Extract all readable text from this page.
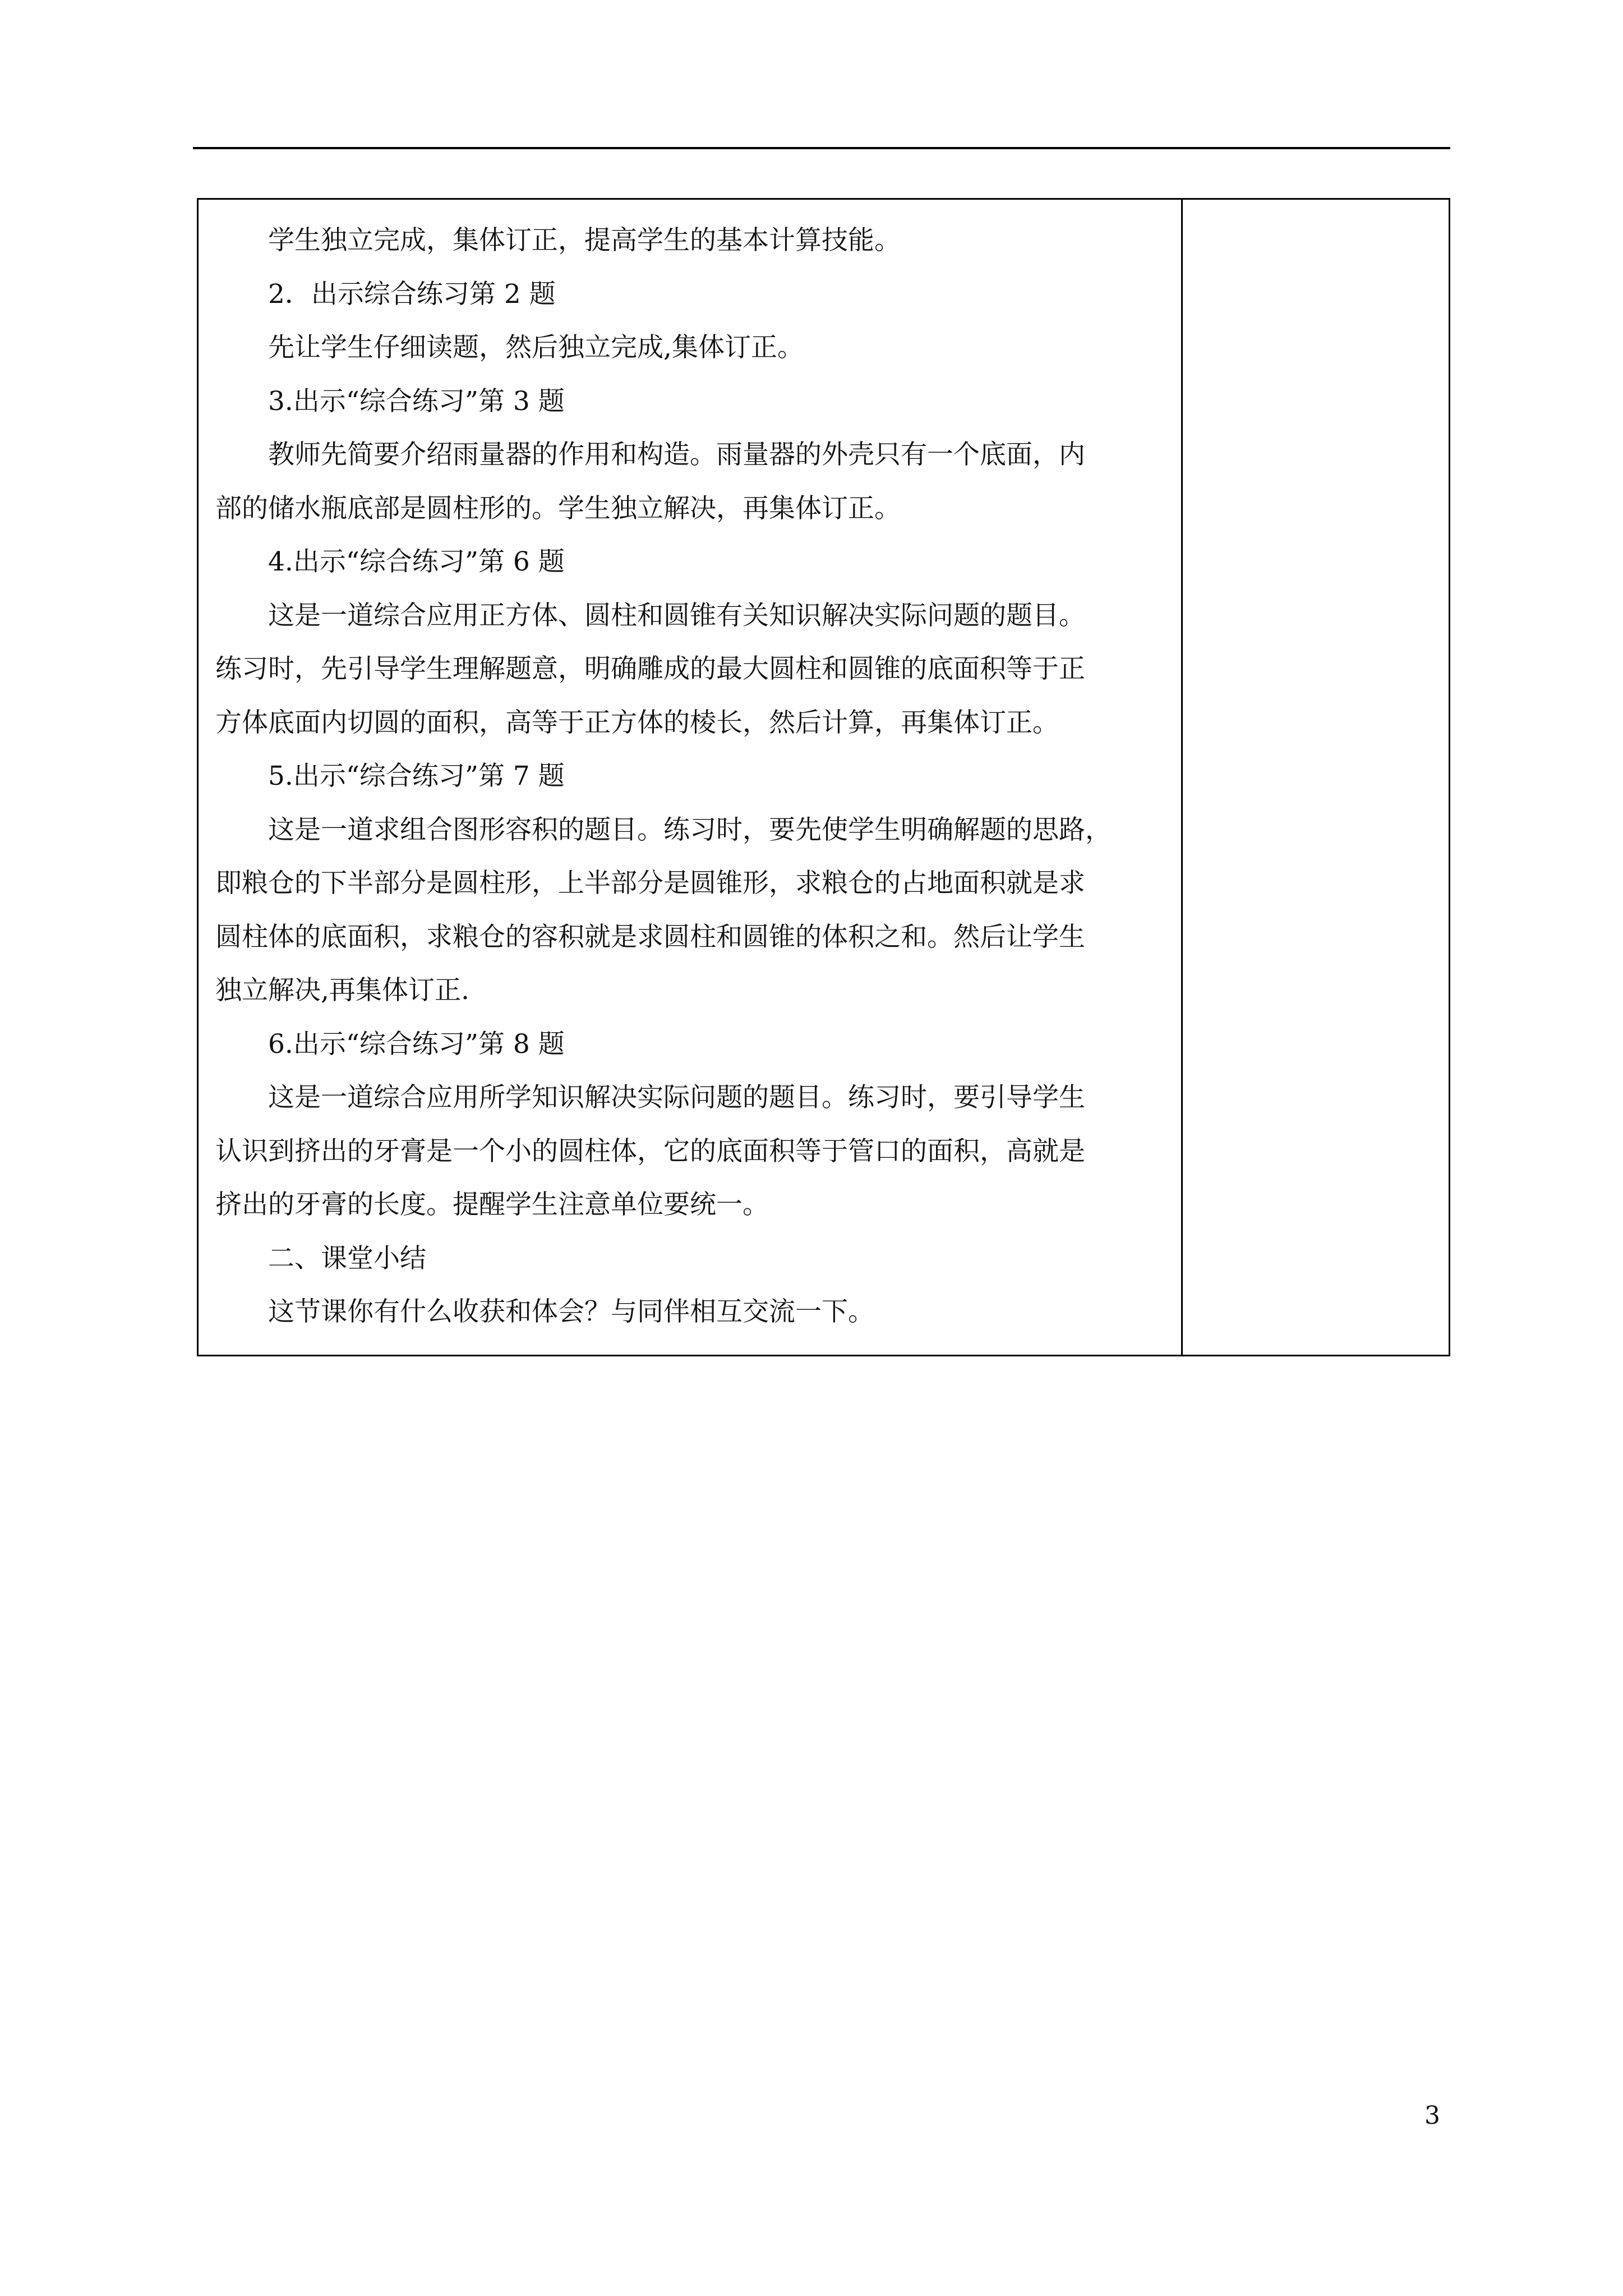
学生独立完成，集体订正，提高学生的基本计算技能。
2．出示综合练习第 2 题
先让学生仔细读题，然后独立完成,集体订正。
3.出示“综合练习”第 3 题
教师先简要介绍雨量器的作用和构造。雨量器的外壳只有一个底面，内
部的储水瓶底部是圆柱形的。学生独立解决，再集体订正。
4.出示“综合练习”第 6 题
这是一道综合应用正方体、圆柱和圆锥有关知识解决实际问题的题目。
练习时，先引导学生理解题意，明确雕成的最大圆柱和圆锥的底面积等于正
方体底面内切圆的面积，高等于正方体的棱长，然后计算，再集体订正。
5.出示“综合练习”第 7 题
这是一道求组合图形容积的题目。练习时，要先使学生明确解题的思路，
即粮仓的下半部分是圆柱形，上半部分是圆锥形，求粮仓的占地面积就是求
圆柱体的底面积，求粮仓的容积就是求圆柱和圆锥的体积之和。然后让学生
独立解决,再集体订正.
6.出示“综合练习”第 8 题
这是一道综合应用所学知识解决实际问题的题目。练习时，要引导学生
认识到挤出的牙膏是一个小的圆柱体，它的底面积等于管口的面积，高就是
挤出的牙膏的长度。提醒学生注意单位要统一。
二、课堂小结
这节课你有什么收获和体会？与同伴相互交流一下。
3
